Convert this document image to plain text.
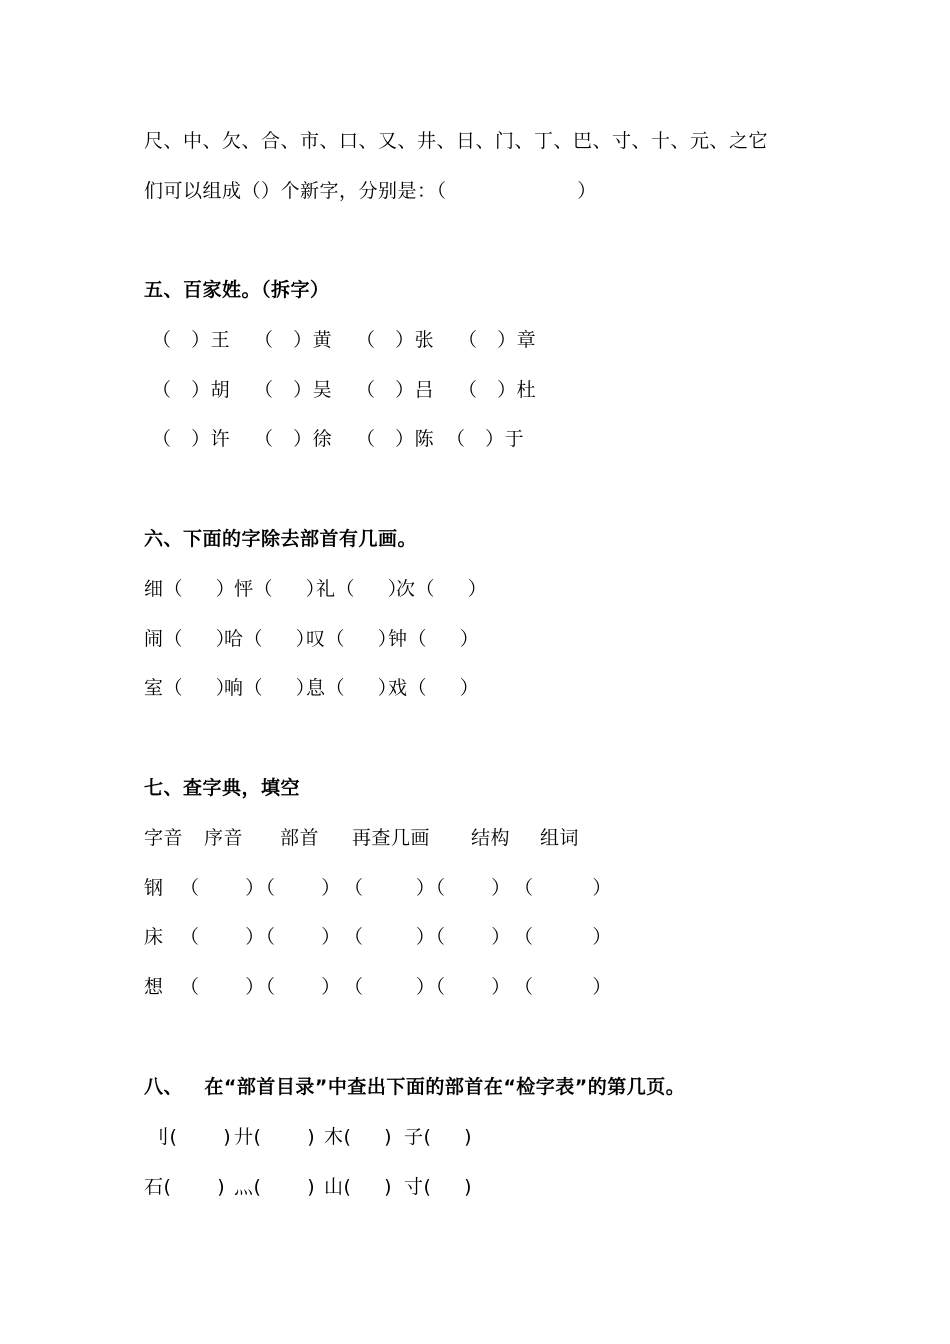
尺、中、欠、合、市、口、又、井、日、门、丁、巴、寸、十、元、之它
们可以组成（）个新字，分别是：（                    ）
五、百家姓。（拆字）

（   ）王

（   ）黄

（   ）张

（   ）章

（   ）胡

（   ）吴

（   ）吕

（   ）杜

（   ）许

（   ）徐

（   ）陈

（   ）于

六、下面的字除去部首有几画。

细（     ）

怦（     ）

礼（     ）

次（     ）

闹（     ）

哈（     ）

叹（     ）

钟（     ）

室（     ）

响（     ）

息（     ）

戏（     ）

七、查字典，填空

字音

序音

部首

再查几画

结构

组词

钢

（       ）

（       ）

（        ）

（       ）

（         ）

床

（       ）

（       ）

（        ）

（       ）

（         ）

想

（       ）

（       ）

（        ）

（       ）

（         ）

八、   在“部首目录”中查出下面的部首在“检字表”的第几页。

刂(       )

廾(       )

木(     )

子(     )

石(       )

灬(       )

山(     )

寸(     )
